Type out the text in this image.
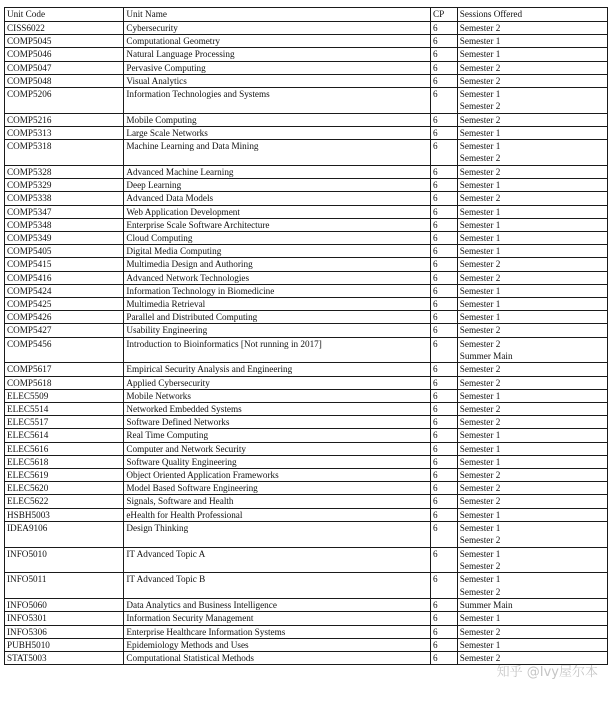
Unit Code	Unit Name	CP	Sessions Offered
CISS6022	Cybersecurity	6	Semester 2

COMP5045	Computational Geometry	6	Semester 1

COMP5046	Natural Language Processing	6	Semester 1

COMP5047	Pervasive Computing	6	Semester 2

COMP5048	Visual Analytics	6	Semester 2

COMP5206	Information Technologies and Systems	6	Semester 1
Semester 2

COMP5216	Mobile Computing	6	Semester 2

COMP5313	Large Scale Networks	6	Semester 1

COMP5318	Machine Learning and Data Mining	6	Semester 1
Semester 2

COMP5328	Advanced Machine Learning	6	Semester 2

COMP5329	Deep Learning	6	Semester 1

COMP5338	Advanced Data Models	6	Semester 2

COMP5347	Web Application Development	6	Semester 1

COMP5348	Enterprise Scale Software Architecture	6	Semester 1

COMP5349	Cloud Computing	6	Semester 1

COMP5405	Digital Media Computing	6	Semester 1

COMP5415	Multimedia Design and Authoring	6	Semester 2

COMP5416	Advanced Network Technologies	6	Semester 2

COMP5424	Information Technology in Biomedicine	6	Semester 1

COMP5425	Multimedia Retrieval	6	Semester 1

COMP5426	Parallel and Distributed Computing	6	Semester 1

COMP5427	Usability Engineering	6	Semester 2

COMP5456	Introduction to Bioinformatics [Not running in 2017]	6	Semester 2
Summer Main

COMP5617	Empirical Security Analysis and Engineering	6	Semester 2

COMP5618	Applied Cybersecurity	6	Semester 2

ELEC5509	Mobile Networks	6	Semester 1

ELEC5514	Networked Embedded Systems	6	Semester 2

ELEC5517	Software Defined Networks	6	Semester 2

ELEC5614	Real Time Computing	6	Semester 1

ELEC5616	Computer and Network Security	6	Semester 1

ELEC5618	Software Quality Engineering	6	Semester 1

ELEC5619	Object Oriented Application Frameworks	6	Semester 2

ELEC5620	Model Based Software Engineering	6	Semester 2

ELEC5622	Signals, Software and Health	6	Semester 2

HSBH5003	eHealth for Health Professional	6	Semester 1

IDEA9106	Design Thinking	6	Semester 1
Semester 2

INFO5010	IT Advanced Topic A	6	Semester 1
Semester 2

INFO5011	IT Advanced Topic B	6	Semester 1
Semester 2

INFO5060	Data Analytics and Business Intelligence	6	Summer Main

INFO5301	Information Security Management	6	Semester 1

INFO5306	Enterprise Healthcare Information Systems	6	Semester 2

PUBH5010	Epidemiology Methods and Uses	6	Semester 1

STAT5003	Computational Statistical Methods	6	Semester 2
知乎 @Ivy屋尔本
